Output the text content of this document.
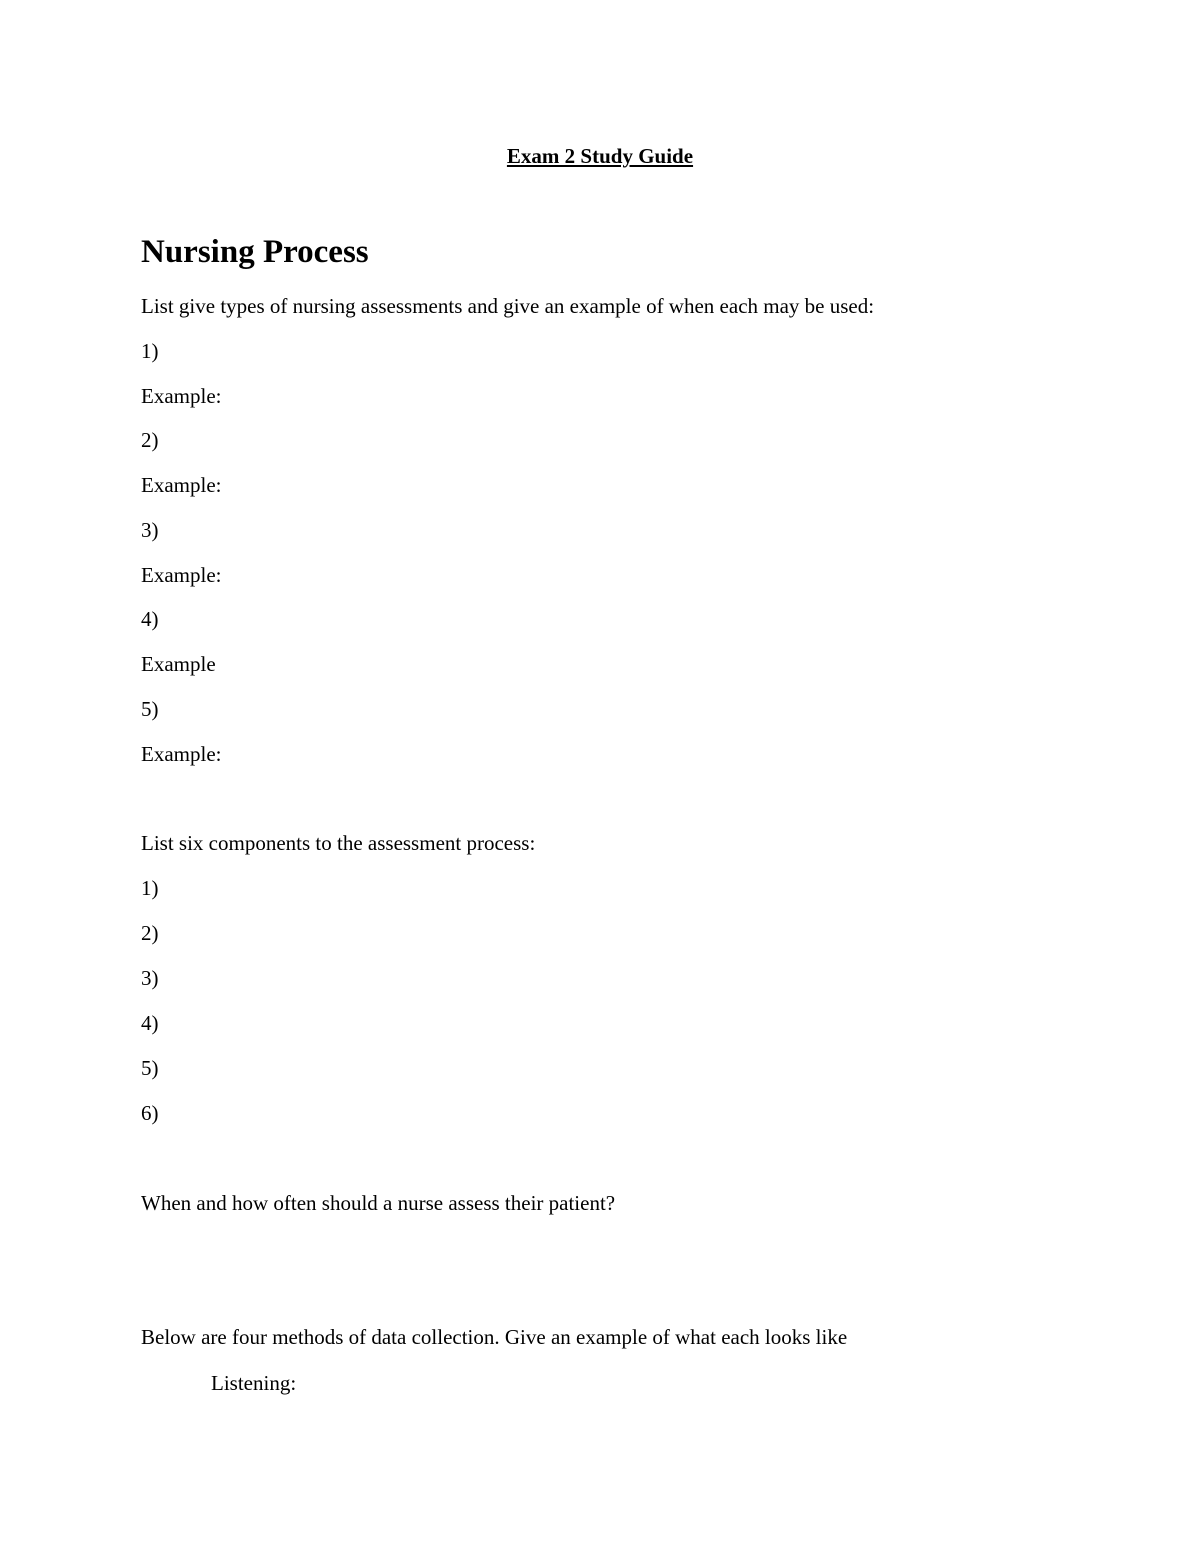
Exam 2 Study Guide
Nursing Process
List give types of nursing assessments and give an example of when each may be used:
1)
Example:
2)
Example:
3)
Example:
4)
Example
5)
Example:
List six components to the assessment process:
1)
2)
3)
4)
5)
6)
When and how often should a nurse assess their patient?
Below are four methods of data collection. Give an example of what each looks like
Listening:
